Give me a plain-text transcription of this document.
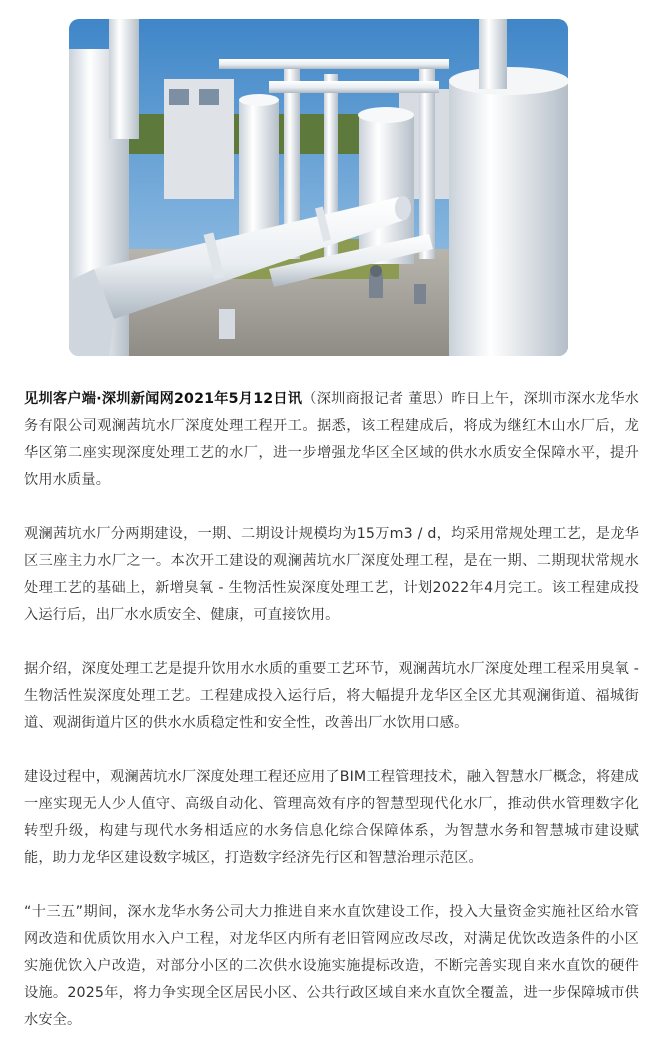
见圳客户端·深圳新闻网2021年5月12日讯（深圳商报记者 董思）昨日上午，深圳市深水龙华水务有限公司观澜茜坑水厂深度处理工程开工。据悉，该工程建成后，将成为继红木山水厂后，龙华区第二座实现深度处理工艺的水厂，进一步增强龙华区全区域的供水水质安全保障水平，提升饮用水质量。

观澜茜坑水厂分两期建设，一期、二期设计规模均为15万m3 / d，均采用常规处理工艺，是龙华区三座主力水厂之一。本次开工建设的观澜茜坑水厂深度处理工程，是在一期、二期现状常规水处理工艺的基础上，新增臭氧 - 生物活性炭深度处理工艺，计划2022年4月完工。该工程建成投入运行后，出厂水水质安全、健康，可直接饮用。

据介绍，深度处理工艺是提升饮用水水质的重要工艺环节，观澜茜坑水厂深度处理工程采用臭氧 - 生物活性炭深度处理工艺。工程建成投入运行后，将大幅提升龙华区全区尤其观澜街道、福城街道、观湖街道片区的供水水质稳定性和安全性，改善出厂水饮用口感。

建设过程中，观澜茜坑水厂深度处理工程还应用了BIM工程管理技术，融入智慧水厂概念，将建成一座实现无人少人值守、高级自动化、管理高效有序的智慧型现代化水厂，推动供水管理数字化转型升级，构建与现代水务相适应的水务信息化综合保障体系，为智慧水务和智慧城市建设赋能，助力龙华区建设数字城区，打造数字经济先行区和智慧治理示范区。

“十三五”期间，深水龙华水务公司大力推进自来水直饮建设工作，投入大量资金实施社区给水管网改造和优质饮用水入户工程，对龙华区内所有老旧管网应改尽改，对满足优饮改造条件的小区实施优饮入户改造，对部分小区的二次供水设施实施提标改造，不断完善实现自来水直饮的硬件设施。2025年，将力争实现全区居民小区、公共行政区域自来水直饮全覆盖，进一步保障城市供水安全。
